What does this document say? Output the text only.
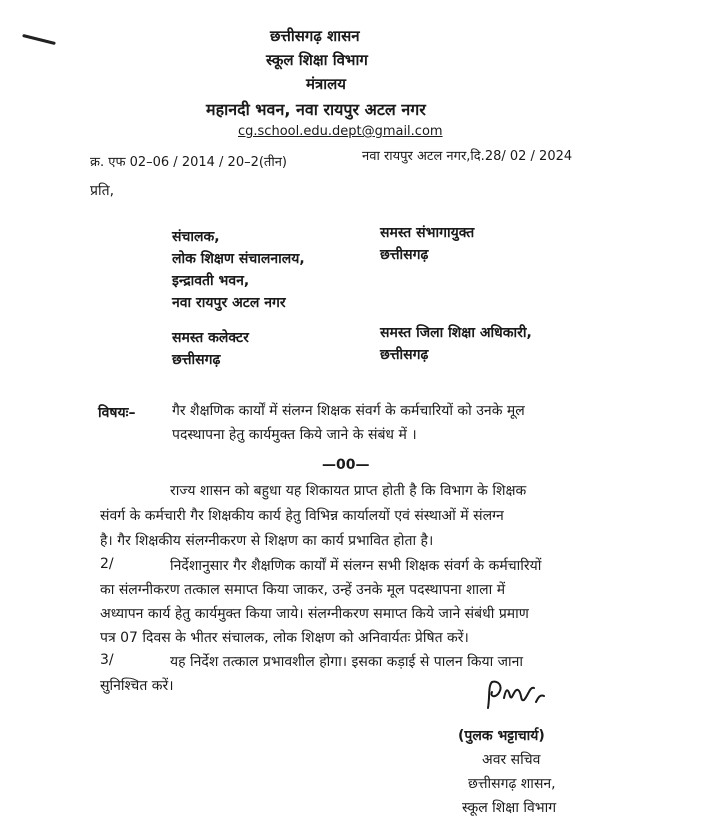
छत्तीसगढ़ शासन
स्कूल शिक्षा विभाग
मंत्रालय
महानदी भवन, नवा रायपुर अटल नगर
cg.school.edu.dept@gmail.com
क्र. एफ 02–06 / 2014 / 20–2(तीन)	नवा रायपुर अटल नगर,दि.28/ 02 / 2024
प्रति,
संचालक,
लोक शिक्षण संचालनालय,
इन्द्रावती भवन,
नवा रायपुर अटल नगर
समस्त संभागायुक्त
छत्तीसगढ़
समस्त कलेक्टर
छत्तीसगढ़
समस्त जिला शिक्षा अधिकारी,
छत्तीसगढ़
विषयः–	गैर शैक्षणिक कार्यों में संलग्न शिक्षक संवर्ग के कर्मचारियों को उनके मूल
पदस्थापना हेतु कार्यमुक्त किये जाने के संबंध में ।
—00—
राज्य शासन को बहुधा यह शिकायत प्राप्त होती है कि विभाग के शिक्षक
संवर्ग के कर्मचारी गैर शिक्षकीय कार्य हेतु विभिन्न कार्यालयों एवं संस्थाओं में संलग्न
है। गैर शिक्षकीय संलग्नीकरण से शिक्षण का कार्य प्रभावित होता है।
2/	निर्देशानुसार गैर शैक्षणिक कार्यों में संलग्न सभी शिक्षक संवर्ग के कर्मचारियों
का संलग्नीकरण तत्काल समाप्त किया जाकर, उन्हें उनके मूल पदस्थापना शाला में
अध्यापन कार्य हेतु कार्यमुक्त किया जाये। संलग्नीकरण समाप्त किये जाने संबंधी प्रमाण
पत्र 07 दिवस के भीतर संचालक, लोक शिक्षण को अनिवार्यतः प्रेषित करें।
3/	यह निर्देश तत्काल प्रभावशील होगा। इसका कड़ाई से पालन किया जाना
सुनिश्चित करें।
(पुलक भट्टाचार्य)
अवर सचिव
छत्तीसगढ़ शासन,
स्कूल शिक्षा विभाग
